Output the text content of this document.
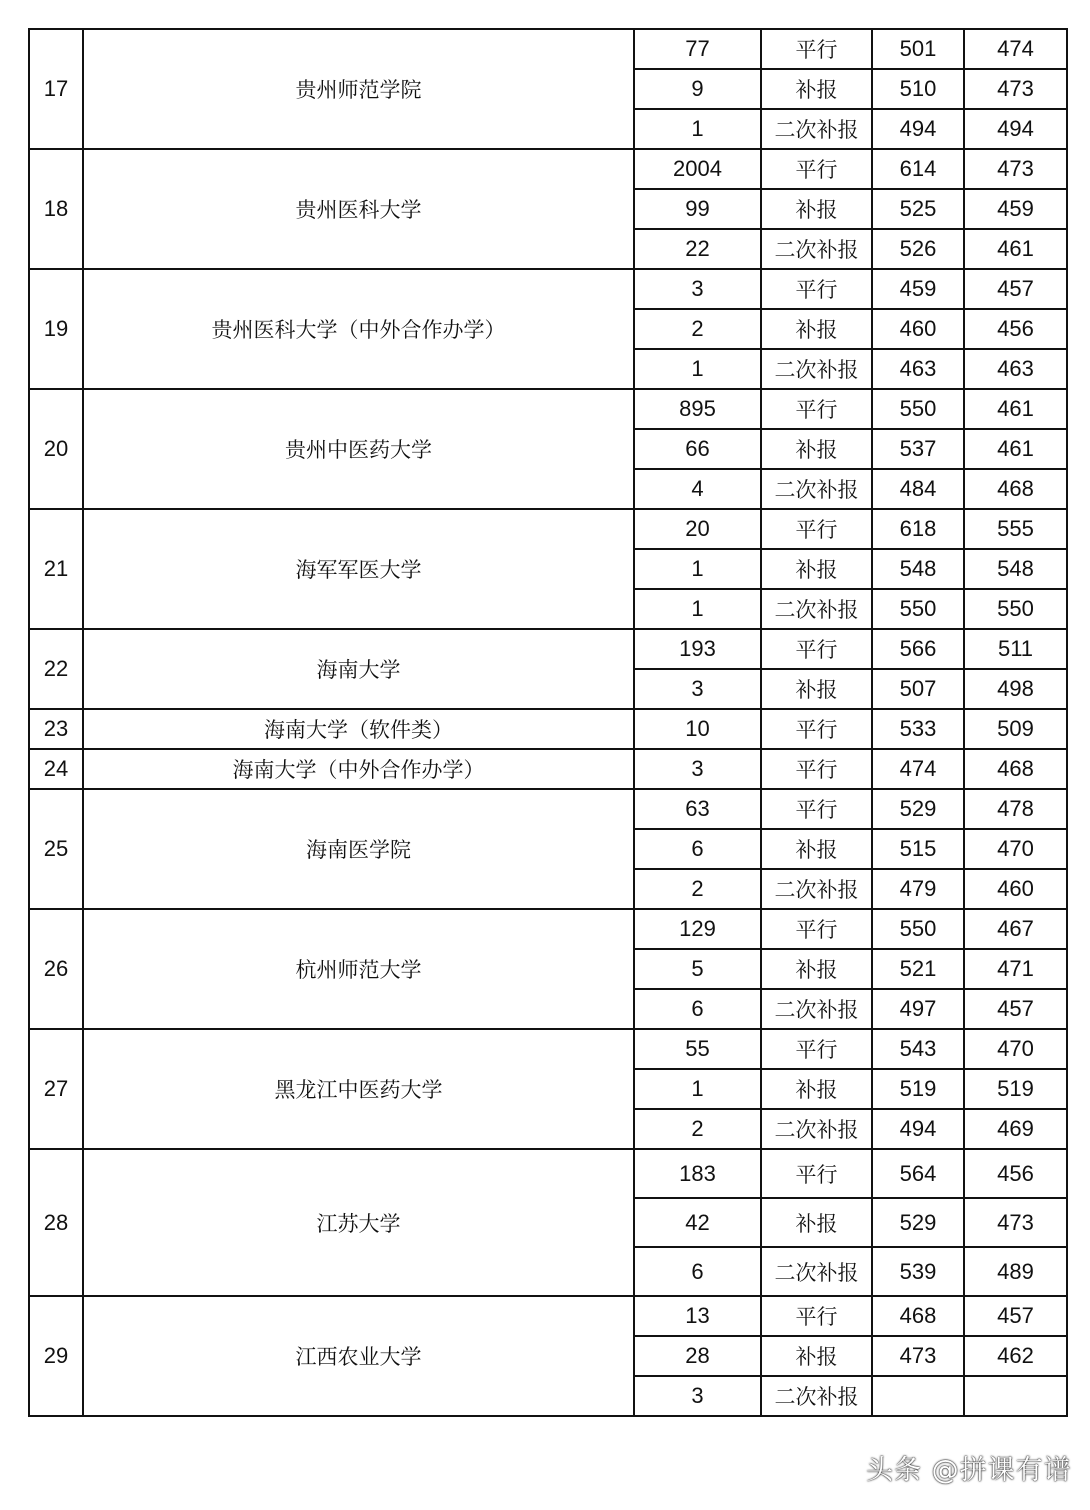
17	贵州师范学院	77	平行	501	474
		9	补报	510	473
		1	二次补报	494	494
18	贵州医科大学	2004	平行	614	473
		99	补报	525	459
		22	二次补报	526	461
19	贵州医科大学（中外合作办学）	3	平行	459	457
		2	补报	460	456
		1	二次补报	463	463
20	贵州中医药大学	895	平行	550	461
		66	补报	537	461
		4	二次补报	484	468
21	海军军医大学	20	平行	618	555
		1	补报	548	548
		1	二次补报	550	550
22	海南大学	193	平行	566	511
		3	补报	507	498
23	海南大学（软件类）	10	平行	533	509
24	海南大学（中外合作办学）	3	平行	474	468
25	海南医学院	63	平行	529	478
		6	补报	515	470
		2	二次补报	479	460
26	杭州师范大学	129	平行	550	467
		5	补报	521	471
		6	二次补报	497	457
27	黑龙江中医药大学	55	平行	543	470
		1	补报	519	519
		2	二次补报	494	469
28	江苏大学	183	平行	564	456
		42	补报	529	473
		6	二次补报	539	489
29	江西农业大学	13	平行	468	457
		28	补报	473	462
		3	二次补报		
头条 @拼课有谱
